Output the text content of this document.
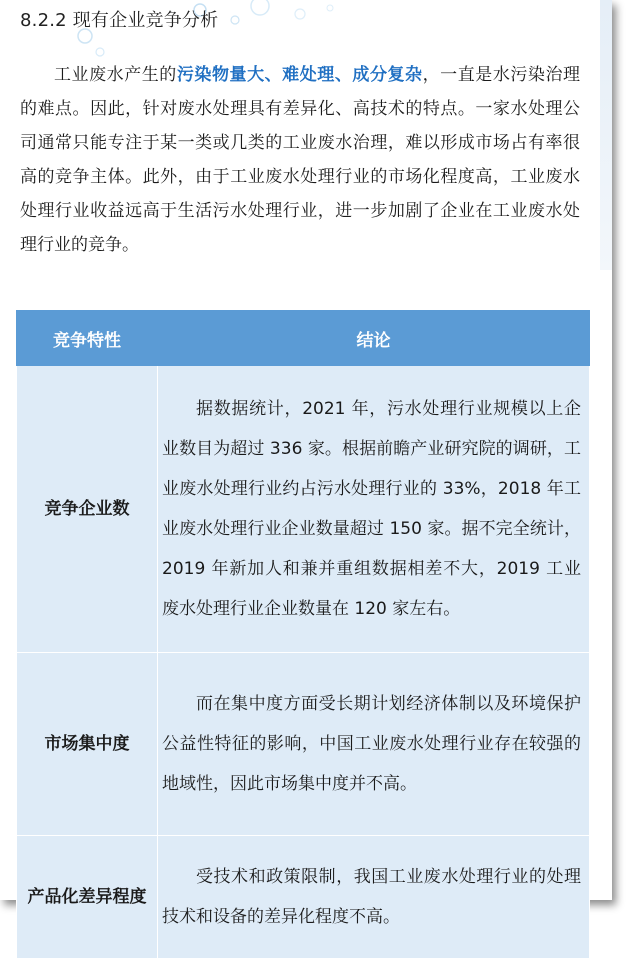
8.2.2 现有企业竞争分析
工业废水产生的污染物量大、难处理、成分复杂，一直是水污染治理的难点。因此，针对废水处理具有差异化、高技术的特点。一家水处理公司通常只能专注于某一类或几类的工业废水治理，难以形成市场占有率很高的竞争主体。此外，由于工业废水处理行业的市场化程度高，工业废水处理行业收益远高于生活污水处理行业，进一步加剧了企业在工业废水处理行业的竞争。
竞争特性	结论
竞争企业数	据数据统计，2021 年，污水处理行业规模以上企业数目为超过 336 家。根据前瞻产业研究院的调研，工业废水处理行业约占污水处理行业的 33%，2018 年工业废水处理行业企业数量超过 150 家。据不完全统计，2019 年新加人和兼并重组数据相差不大，2019 工业废水处理行业企业数量在 120 家左右。
市场集中度	而在集中度方面受长期计划经济体制以及环境保护公益性特征的影响，中国工业废水处理行业存在较强的地域性，因此市场集中度并不高。
产品化差异程度	受技术和政策限制，我国工业废水处理行业的处理技术和设备的差异化程度不高。
